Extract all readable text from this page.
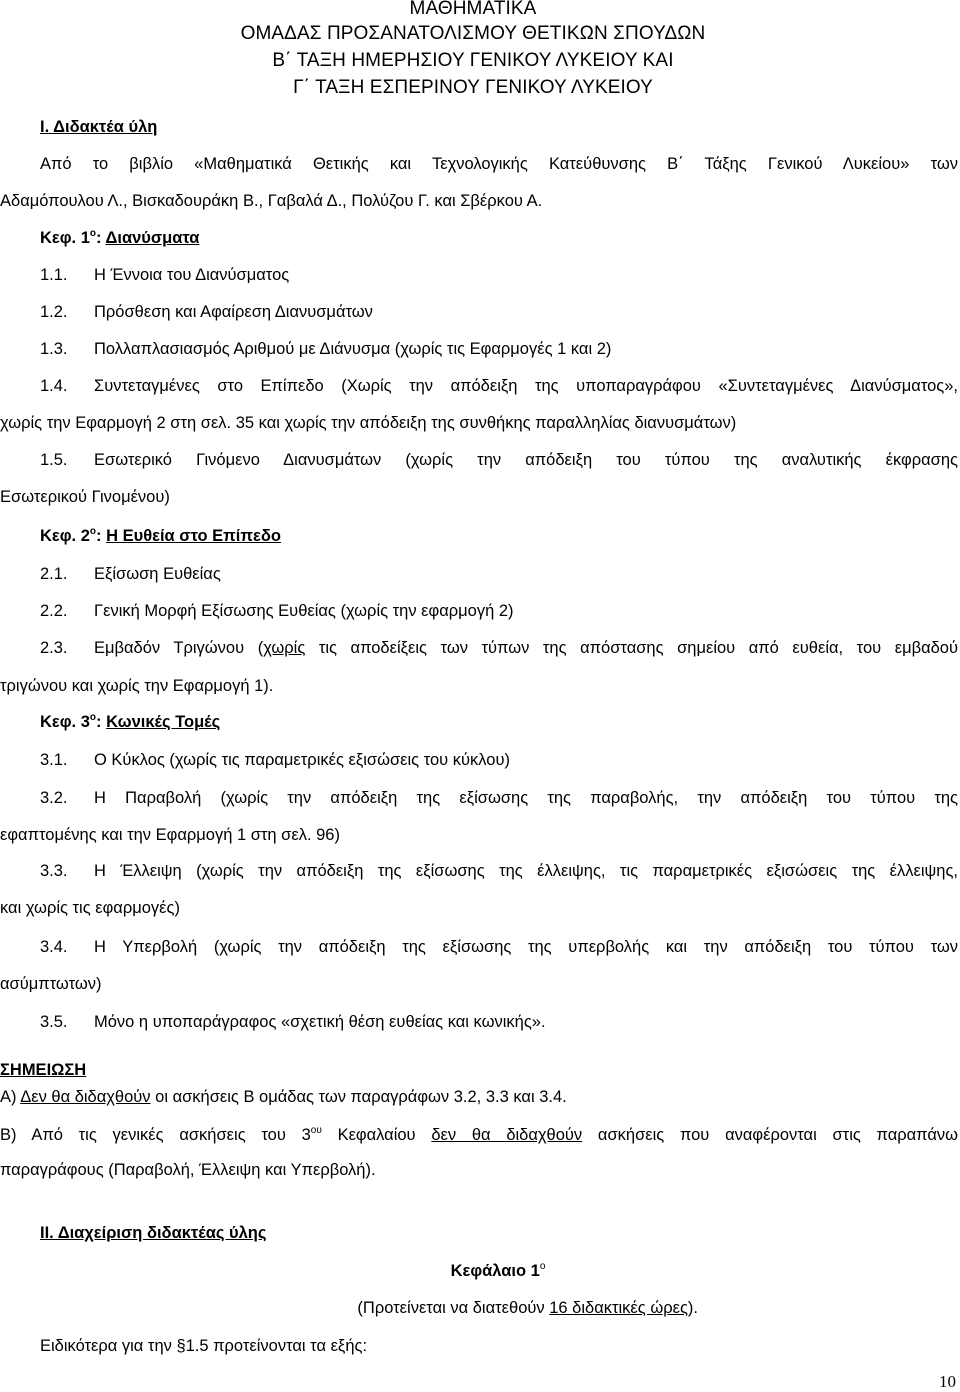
ΜΑΘΗΜΑΤΙΚΑ
ΟΜΑΔΑΣ ΠΡΟΣΑΝΑΤΟΛΙΣΜΟΥ ΘΕΤΙΚΩΝ ΣΠΟΥΔΩΝ
Β΄ ΤΑΞΗ ΗΜΕΡΗΣΙΟΥ ΓΕΝΙΚΟΥ ΛΥΚΕΙΟΥ ΚΑΙ
Γ΄ ΤΑΞΗ ΕΣΠΕΡΙΝΟΥ ΓΕΝΙΚΟΥ ΛΥΚΕΙΟΥ
Ι. Διδακτέα ύλη
Από το βιβλίο «Μαθηματικά Θετικής και Τεχνολογικής Κατεύθυνσης Β΄ Τάξης Γενικού Λυκείου» των
Αδαμόπουλου Λ., Βισκαδουράκη Β., Γαβαλά Δ., Πολύζου Γ. και Σβέρκου Α.
Κεφ. $1^o$: Διανύσματα
1.1. Η Έννοια του Διανύσματος
1.2. Πρόσθεση και Αφαίρεση Διανυσμάτων
1.3. Πολλαπλασιασμός Αριθμού με Διάνυσμα (χωρίς τις Εφαρμογές 1 και 2)
1.4. Συντεταγμένες στο Επίπεδο (Χωρίς την απόδειξη της υποπαραγράφου «Συντεταγμένες Διανύσματος»,
χωρίς την Εφαρμογή 2 στη σελ. 35 και χωρίς την απόδειξη της συνθήκης παραλληλίας διανυσμάτων)
1.5. Εσωτερικό Γινόμενο Διανυσμάτων (χωρίς την απόδειξη του τύπου της αναλυτικής έκφρασης
Εσωτερικού Γινομένου)
Κεφ. $2^o$: Η Ευθεία στο Επίπεδο
2.1. Εξίσωση Ευθείας
2.2. Γενική Μορφή Εξίσωσης Ευθείας (χωρίς την εφαρμογή 2)
2.3. Εμβαδόν Τριγώνου (χωρίς τις αποδείξεις των τύπων της απόστασης σημείου από ευθεία, του εμβαδού
τριγώνου και χωρίς την Εφαρμογή 1).
Κεφ. $3^o$: Κωνικές Τομές
3.1. Ο Κύκλος (χωρίς τις παραμετρικές εξισώσεις του κύκλου)
3.2. Η Παραβολή (χωρίς την απόδειξη της εξίσωσης της παραβολής, την απόδειξη του τύπου της
εφαπτομένης και την Εφαρμογή 1 στη σελ. 96)
3.3. Η Έλλειψη (χωρίς την απόδειξη της εξίσωσης της έλλειψης, τις παραμετρικές εξισώσεις της έλλειψης,
και χωρίς τις εφαρμογές)
3.4. Η Υπερβολή (χωρίς την απόδειξη της εξίσωσης της υπερβολής και την απόδειξη του τύπου των
ασύμπτωτων)
3.5. Μόνο η υποπαράγραφος «σχετική θέση ευθείας και κωνικής».
ΣΗΜΕΙΩΣΗ
Α) Δεν θα διδαχθούν οι ασκήσεις Β ομάδας των παραγράφων 3.2, 3.3 και 3.4.
Β) Από τις γενικές ασκήσεις του $3^{o\upsilon}$ Κεφαλαίου δεν θα διδαχθούν ασκήσεις που αναφέρονται στις παραπάνω
παραγράφους (Παραβολή, Έλλειψη και Υπερβολή).
ΙΙ. Διαχείριση διδακτέας ύλης
Κεφάλαιο $1^o$
(Προτείνεται να διατεθούν 16 διδακτικές ώρες).
Ειδικότερα για την §1.5 προτείνονται τα εξής:
10
